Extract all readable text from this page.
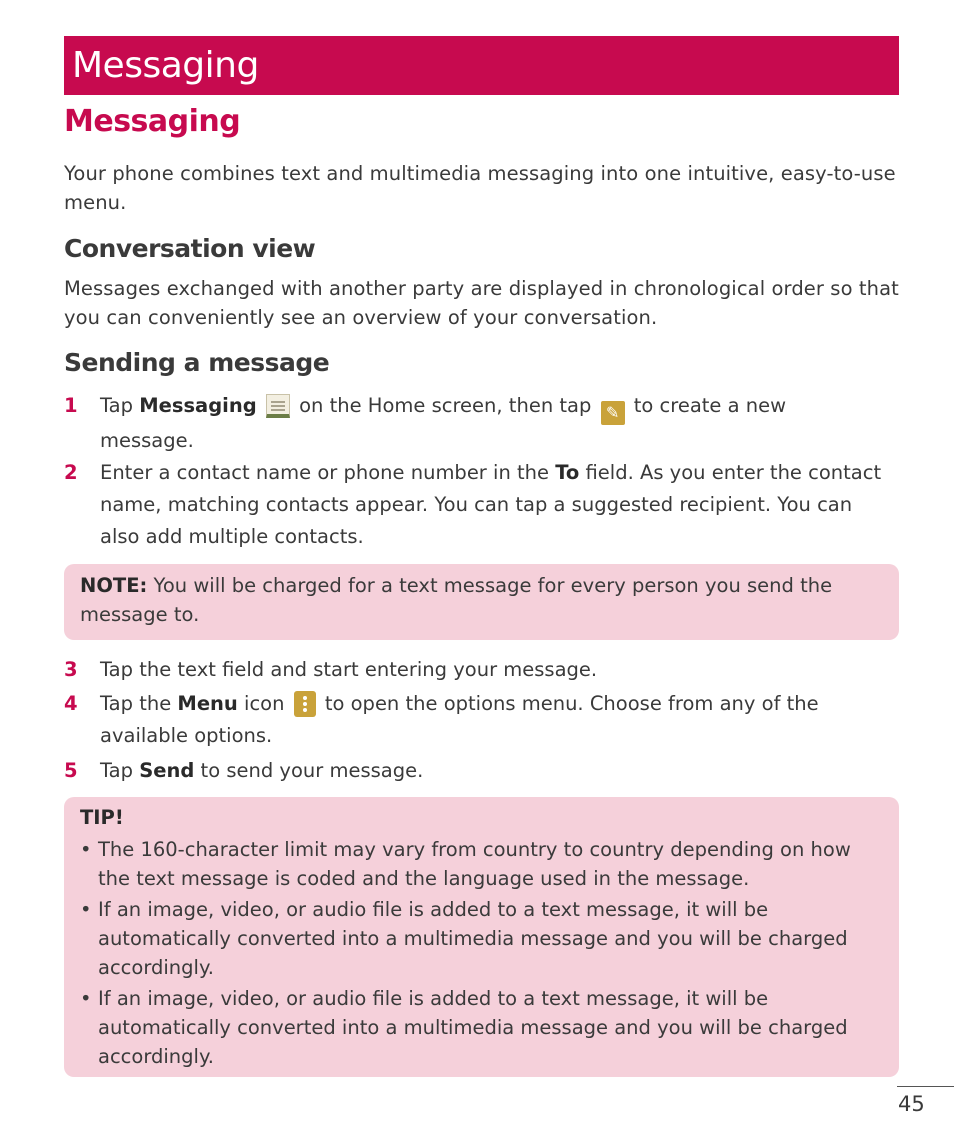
Messaging
Messaging

Your phone combines text and multimedia messaging into one intuitive, easy-to-use menu.

Conversation view

Messages exchanged with another party are displayed in chronological order so that you can conveniently see an overview of your conversation.

Sending a message
1	Tap Messaging  on the Home screen, then tap ✎ to create a new message.
2	Enter a contact name or phone number in the To field. As you enter the contact name, matching contacts appear. You can tap a suggested recipient. You can also add multiple contacts.
NOTE: You will be charged for a text message for every person you send the message to.
3	Tap the text field and start entering your message.
4	Tap the Menu icon  to open the options menu. Choose from any of the available options.
5	Tap Send to send your message.
TIP!
• The 160-character limit may vary from country to country depending on how the text message is coded and the language used in the message.
• If an image, video, or audio file is added to a text message, it will be automatically converted into a multimedia message and you will be charged accordingly.
• If an image, video, or audio file is added to a text message, it will be automatically converted into a multimedia message and you will be charged accordingly.
45
